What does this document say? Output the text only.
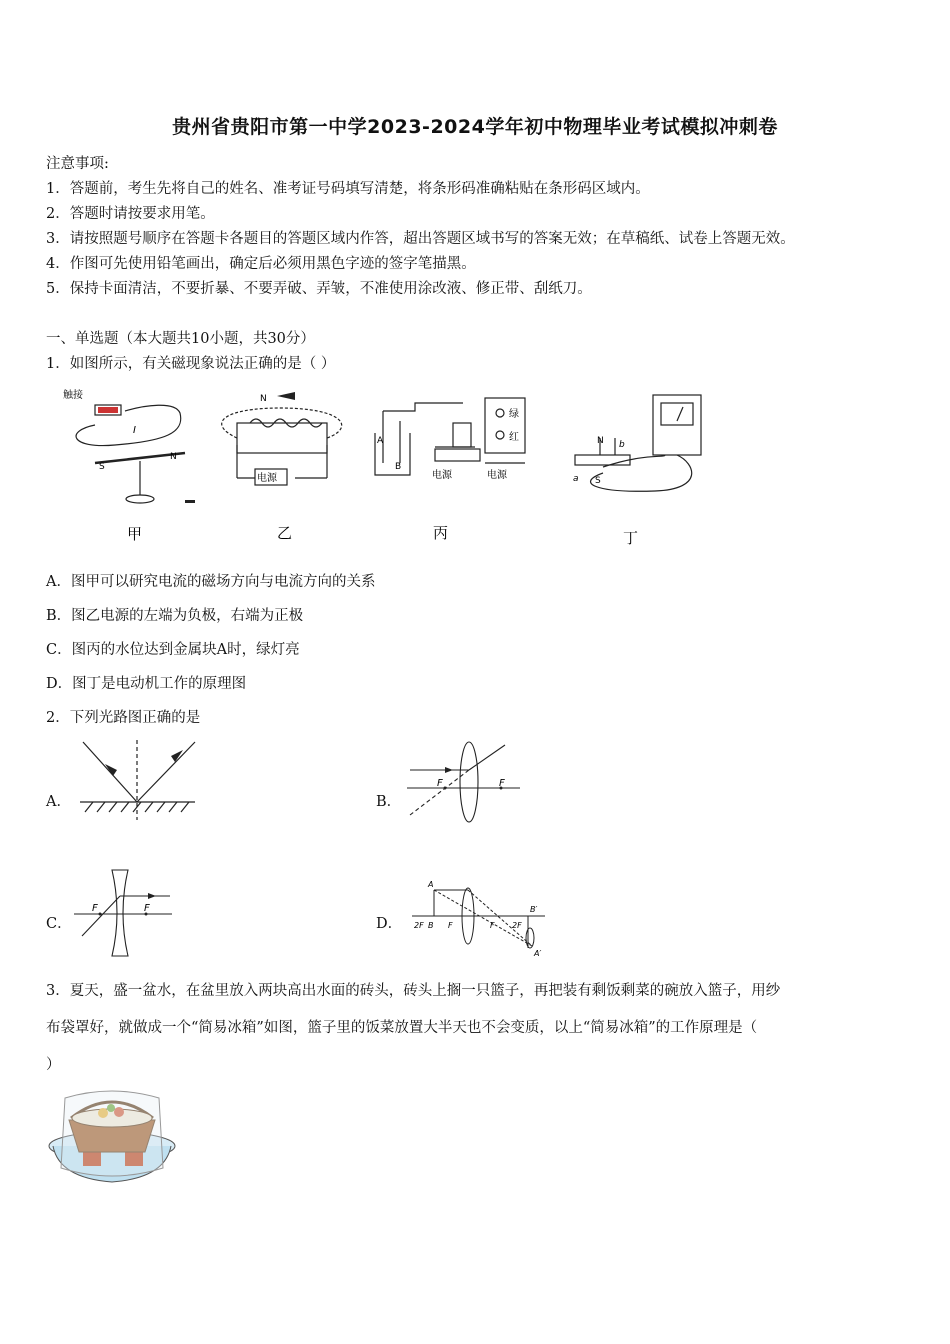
贵州省贵阳市第一中学2023-2024学年初中物理毕业考试模拟冲刺卷
注意事项:
1．答题前，考生先将自己的姓名、准考证号码填写清楚，将条形码准确粘贴在条形码区域内。
2．答题时请按要求用笔。
3．请按照题号顺序在答题卡各题目的答题区域内作答，超出答题区域书写的答案无效；在草稿纸、试卷上答题无效。
4．作图可先使用铅笔画出，确定后必须用黑色字迹的签字笔描黑。
5．保持卡面清洁，不要折暴、不要弄破、弄皱，不准使用涂改液、修正带、刮纸刀。
一、单选题（本大题共10小题，共30分）
1．如图所示，有关磁现象说法正确的是（ ）
触接
I
S
N
N
电源
A
B
绿
红
电源	电源
N
S
a
b
甲	乙	丙	丁
A．图甲可以研究电流的磁场方向与电流方向的关系
B．图乙电源的左端为负极，右端为正极
C．图丙的水位达到金属块A时，绿灯亮
D．图丁是电动机工作的原理图
2．下列光路图正确的是
A．	B．
F	F
C．
F	F
D．
A
B
2F	F	F 2F
B′
A′
3．夏天，盛一盆水，在盆里放入两块高出水面的砖头，砖头上搁一只篮子，再把装有剩饭剩菜的碗放入篮子，用纱
布袋罩好，就做成一个“简易冰箱”如图，篮子里的饭菜放置大半天也不会变质，以上“简易冰箱”的工作原理是（
）
